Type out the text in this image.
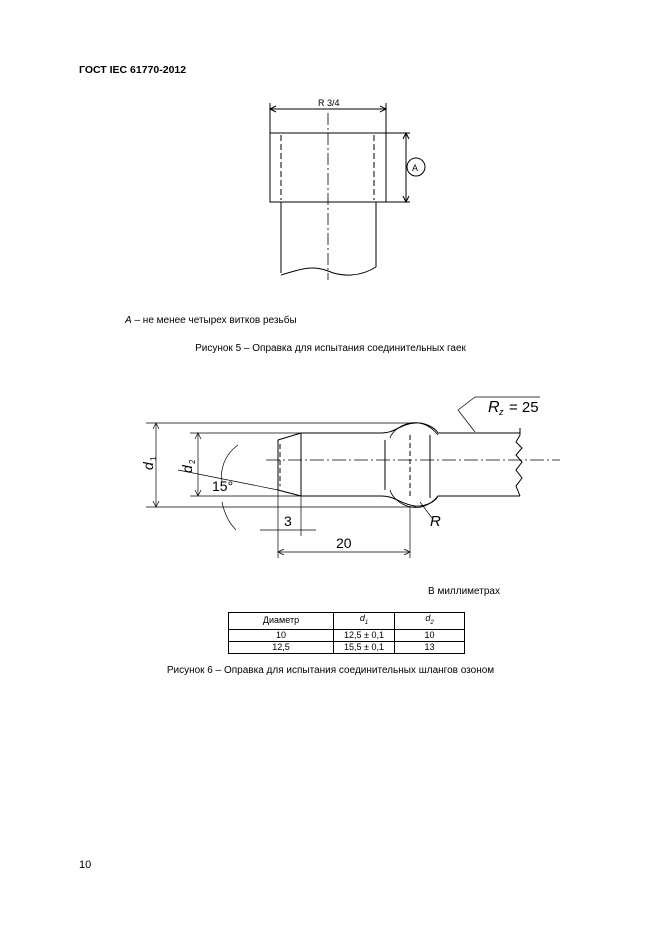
ГОСТ IEC 61770-2012
R 3/4
A
A – не менее четырех витков резьбы
Рисунок 5 – Оправка для испытания соединительных гаек
R z = 25
d
1
d
2
15°
3
20
R
В миллиметрах
Диаметр	$d_1$	$d_2$
10	12,5 ± 0,1	10
12,5	15,5 ± 0,1	13
Рисунок 6 – Оправка для испытания соединительных шлангов озоном
10
